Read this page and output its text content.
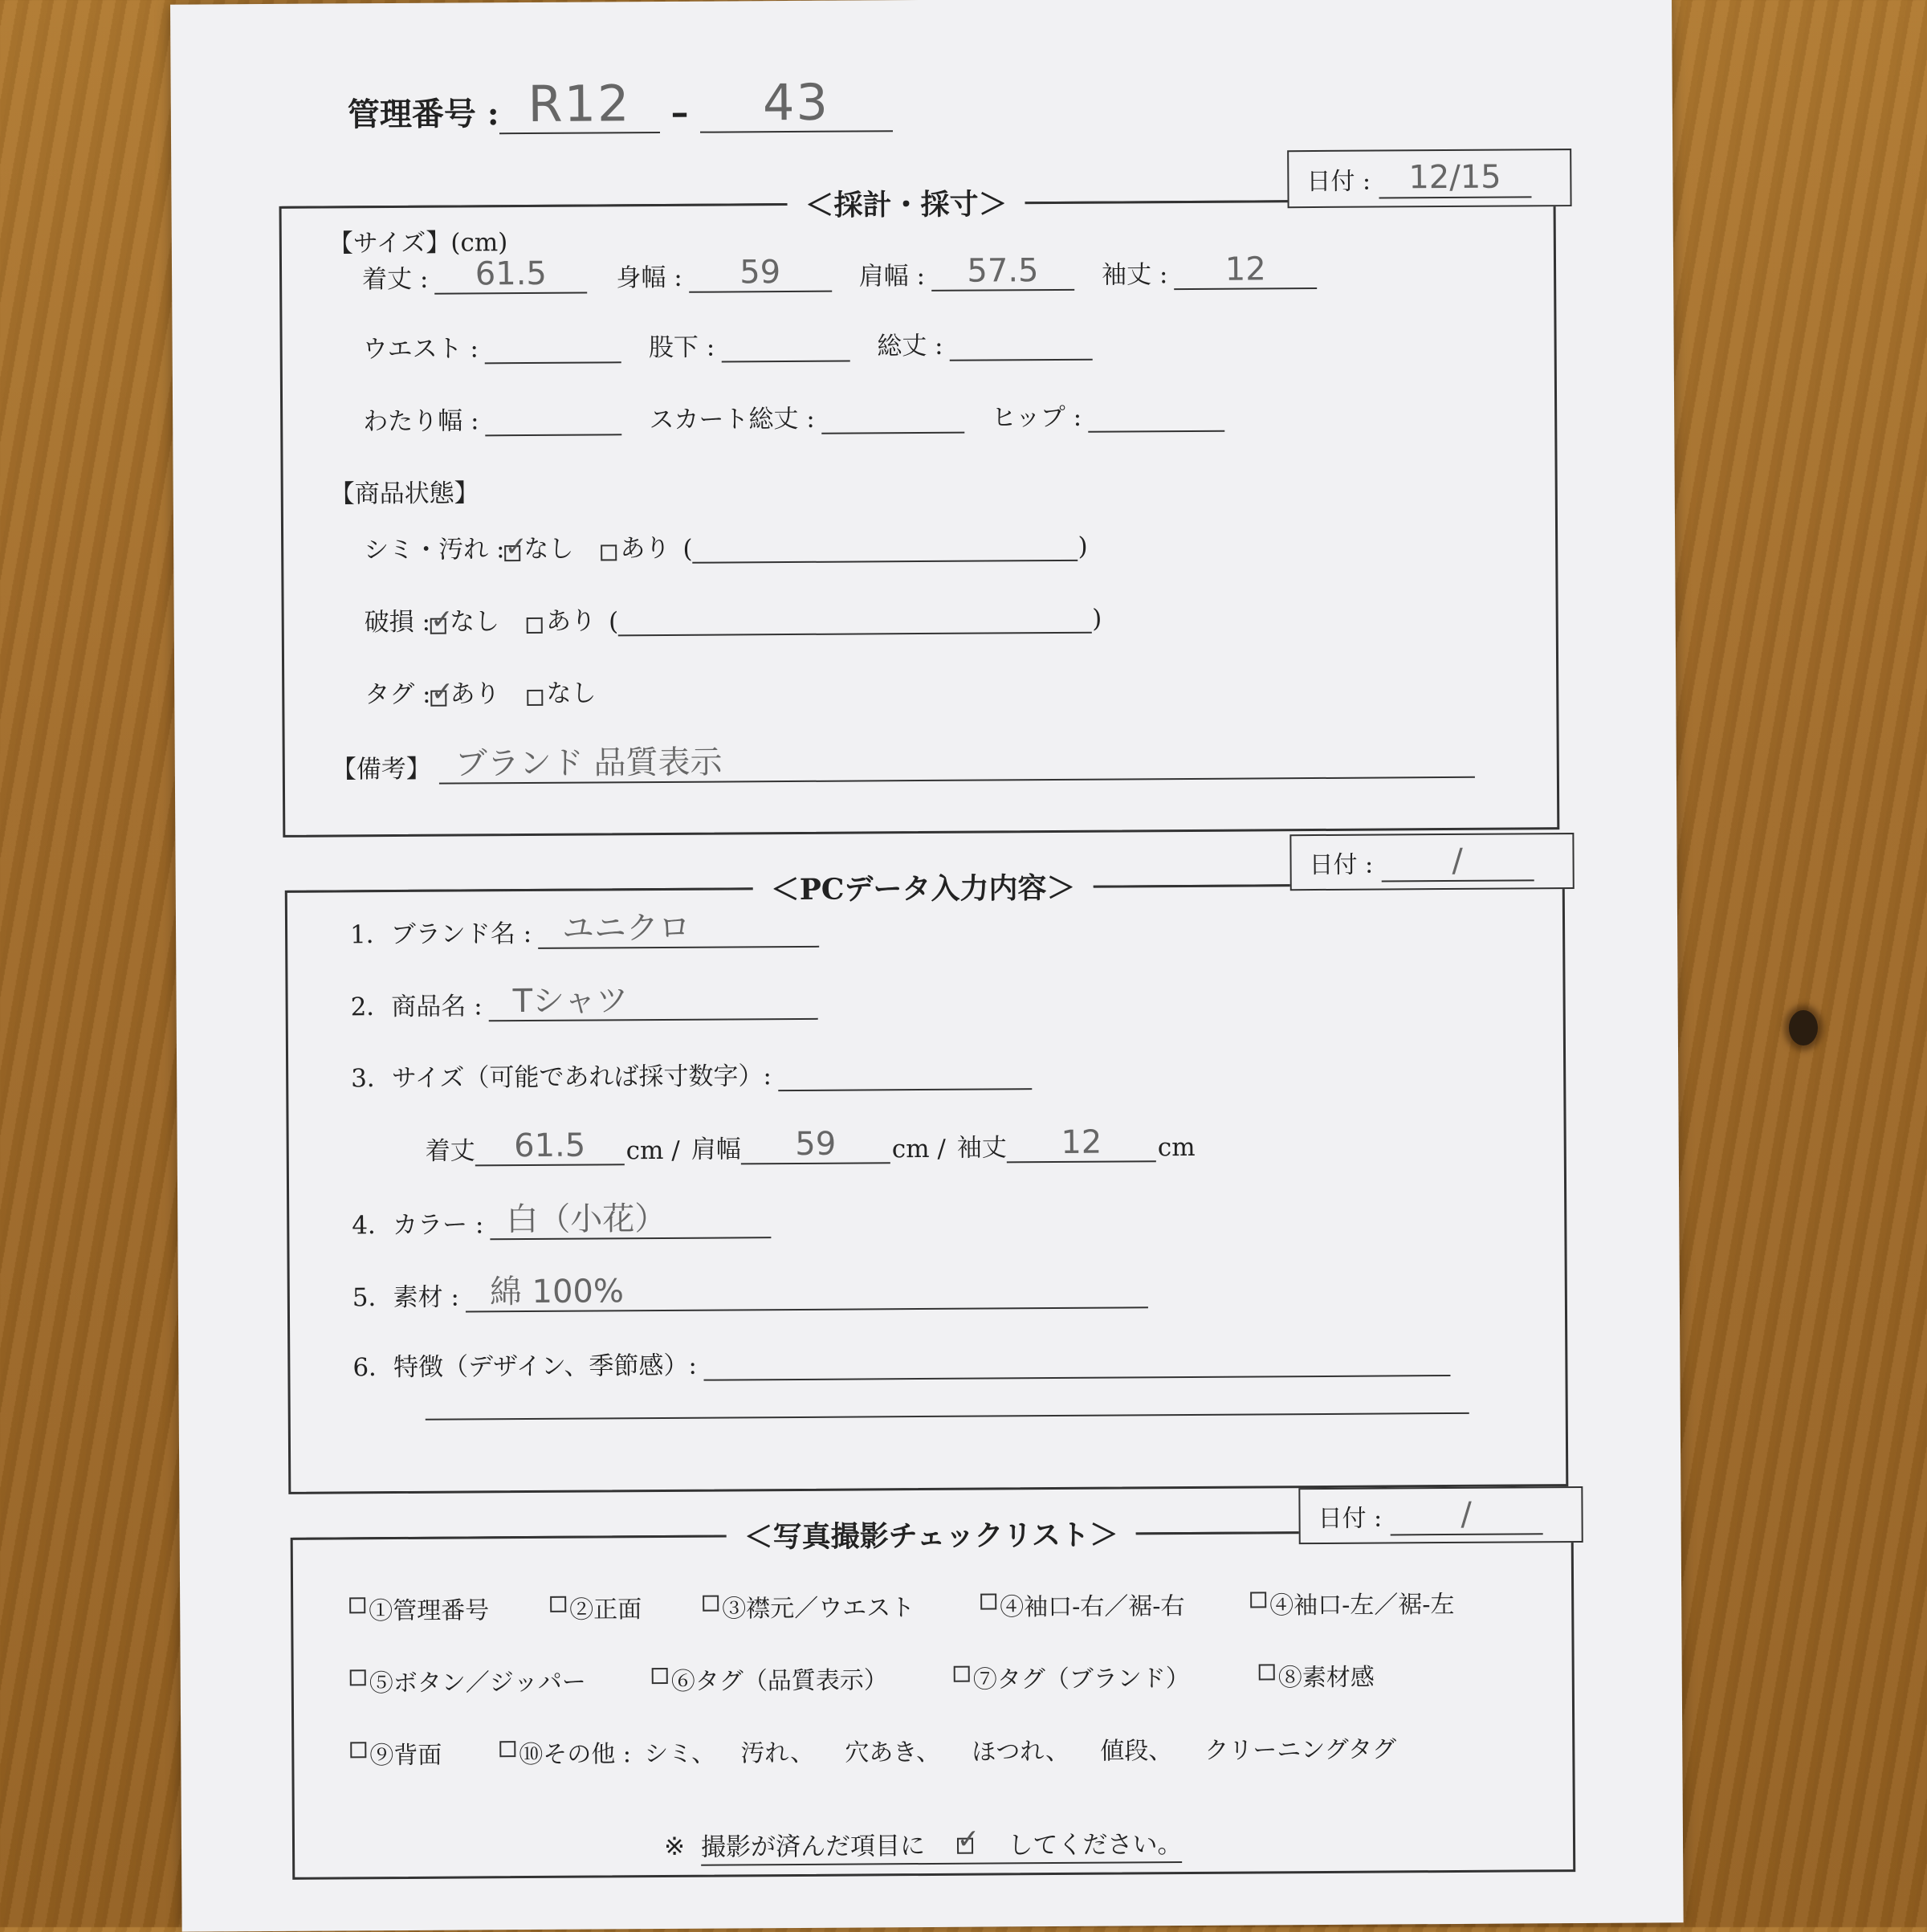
管理番号 : R12	–	43
＜採計・採寸＞
【サイズ】(cm)
着丈 :	61.5	身幅 :	59	肩幅 :	57.5	袖丈 :	12
ウエスト :	股下 :	総丈 :
わたり幅 :	スカート総丈 :	ヒップ :
【商品状態】
シミ・汚れ : ✓ なし あり (	)
破損 : ✓ なし あり (	)
タグ : ✓ あり なし
【備考】 ブランド 品質表示
日付 :	12/15
＜PCデータ入力内容＞
1．ブランド名 : ユニクロ
2．商品名 : Tシャツ
3．サイズ（可能であれば採寸数字）:
着丈	61.5	cm / 肩幅	59	cm / 袖丈	12	cm
4．カラー : 白（小花）
5．素材 : 綿 100%
6．特徴（デザイン、季節感）:
日付 :	/
＜写真撮影チェックリスト＞
①管理番号	②正面	③襟元／ウエスト	④袖口-右／裾-右	④袖口-左／裾-左
⑤ボタン／ジッパー	⑥タグ（品質表示）	⑦タグ（ブランド）	⑧素材感
⑨背面	⑩その他 : シミ、	汚れ、	穴あき、	ほつれ、	値段、	クリーニングタグ
※ 撮影が済んだ項目に ✓	してください。
日付 :	/
